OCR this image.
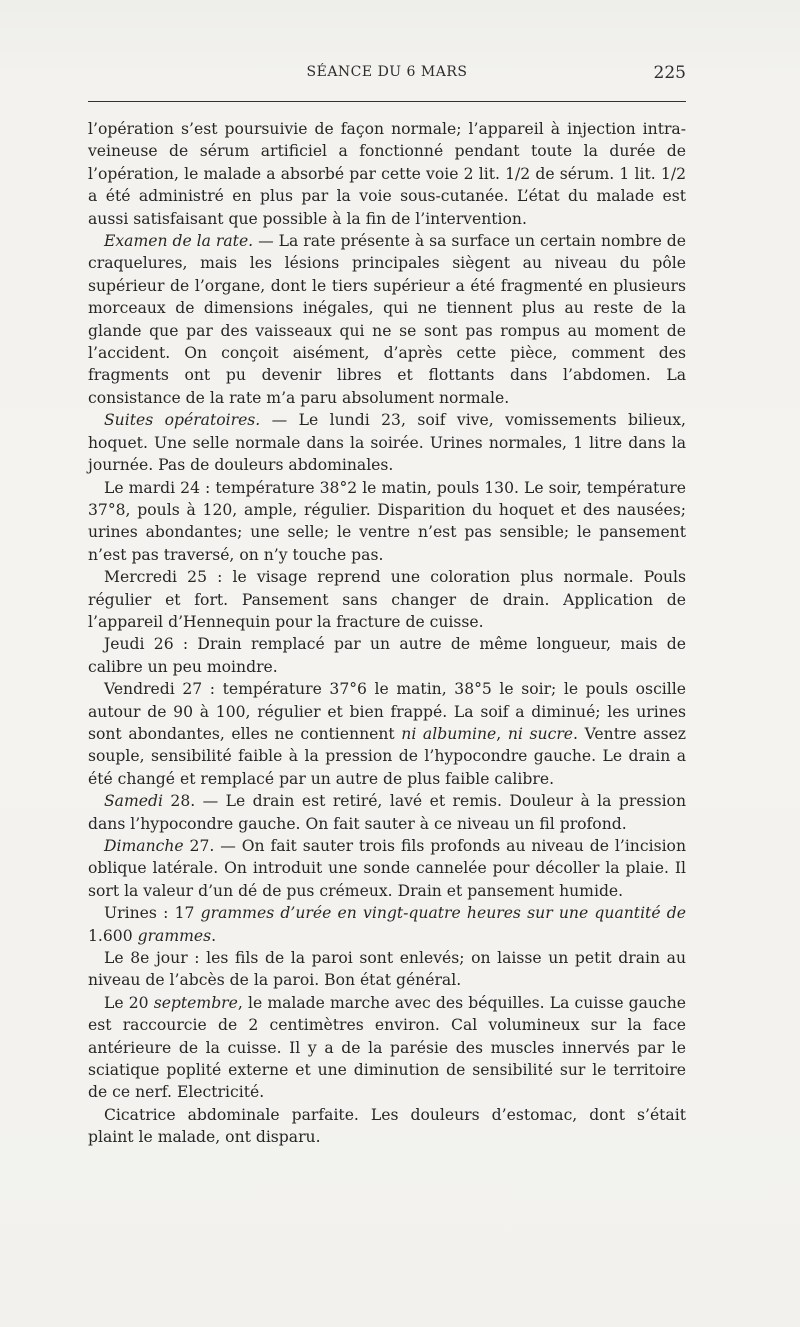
SÉANCE DU 6 MARS	225

l’opération s’est poursuivie de façon normale; l’appareil à injection intra-veineuse de sérum artificiel a fonctionné pendant toute la durée de l’opération, le malade a absorbé par cette voie 2 lit. 1/2 de sérum. 1 lit. 1/2 a été administré en plus par la voie sous-cutanée. L’état du malade est aussi satisfaisant que possible à la fin de l’intervention.

Examen de la rate. — La rate présente à sa surface un certain nombre de craquelures, mais les lésions principales siègent au niveau du pôle supérieur de l’organe, dont le tiers supérieur a été fragmenté en plusieurs morceaux de dimensions inégales, qui ne tiennent plus au reste de la glande que par des vaisseaux qui ne se sont pas rompus au moment de l’accident. On conçoit aisément, d’après cette pièce, comment des fragments ont pu devenir libres et flottants dans l’abdomen. La consistance de la rate m’a paru absolument normale.

Suites opératoires. — Le lundi 23, soif vive, vomissements bilieux, hoquet. Une selle normale dans la soirée. Urines normales, 1 litre dans la journée. Pas de douleurs abdominales.

Le mardi 24 : température 38°2 le matin, pouls 130. Le soir, température 37°8, pouls à 120, ample, régulier. Disparition du hoquet et des nausées; urines abondantes; une selle; le ventre n’est pas sensible; le pansement n’est pas traversé, on n’y touche pas.

Mercredi 25 : le visage reprend une coloration plus normale. Pouls régulier et fort. Pansement sans changer de drain. Application de l’appareil d’Hennequin pour la fracture de cuisse.

Jeudi 26 : Drain remplacé par un autre de même longueur, mais de calibre un peu moindre.

Vendredi 27 : température 37°6 le matin, 38°5 le soir; le pouls oscille autour de 90 à 100, régulier et bien frappé. La soif a diminué; les urines sont abondantes, elles ne contiennent ni albumine, ni sucre. Ventre assez souple, sensibilité faible à la pression de l’hypocondre gauche. Le drain a été changé et remplacé par un autre de plus faible calibre.

Samedi 28. — Le drain est retiré, lavé et remis. Douleur à la pression dans l’hypocondre gauche. On fait sauter à ce niveau un fil profond.

Dimanche 27. — On fait sauter trois fils profonds au niveau de l’incision oblique latérale. On introduit une sonde cannelée pour décoller la plaie. Il sort la valeur d’un dé de pus crémeux. Drain et pansement humide.

Urines : 17 grammes d’urée en vingt-quatre heures sur une quantité de 1.600 grammes.

Le 8e jour : les fils de la paroi sont enlevés; on laisse un petit drain au niveau de l’abcès de la paroi. Bon état général.

Le 20 septembre, le malade marche avec des béquilles. La cuisse gauche est raccourcie de 2 centimètres environ. Cal volumineux sur la face antérieure de la cuisse. Il y a de la parésie des muscles innervés par le sciatique poplité externe et une diminution de sensibilité sur le territoire de ce nerf. Electricité.

Cicatrice abdominale parfaite. Les douleurs d’estomac, dont s’était plaint le malade, ont disparu.
